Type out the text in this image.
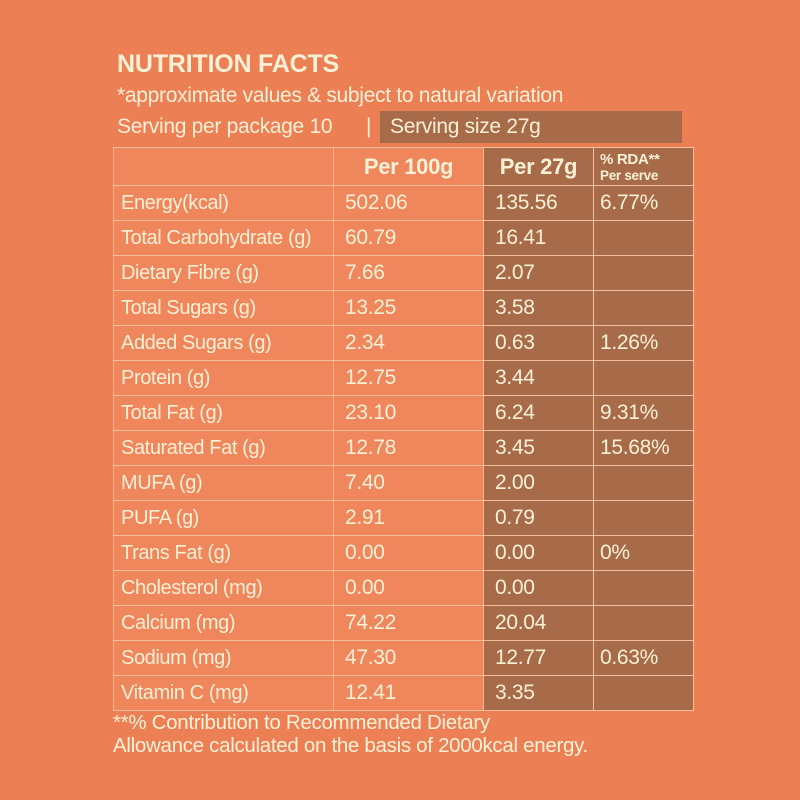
NUTRITION FACTS
*approximate values & subject to natural variation
Serving per package 10 | Serving size 27g
	Per 100g	Per 27g	% RDA**
Per serve

Energy(kcal)	502.06	135.56	6.77%
Total Carbohydrate (g)	60.79	16.41	
Dietary Fibre (g)	7.66	2.07	
Total Sugars (g)	13.25	3.58	
Added Sugars (g)	2.34	0.63	1.26%
Protein (g)	12.75	3.44	
Total Fat (g)	23.10	6.24	9.31%
Saturated Fat (g)	12.78	3.45	15.68%
MUFA (g)	7.40	2.00	
PUFA (g)	2.91	0.79	
Trans Fat (g)	0.00	0.00	0%
Cholesterol (mg)	0.00	0.00	
Calcium (mg)	74.22	20.04	
Sodium (mg)	47.30	12.77	0.63%
Vitamin C (mg)	12.41	3.35	
**% Contribution to Recommended Dietary
Allowance calculated on the basis of 2000kcal energy.
